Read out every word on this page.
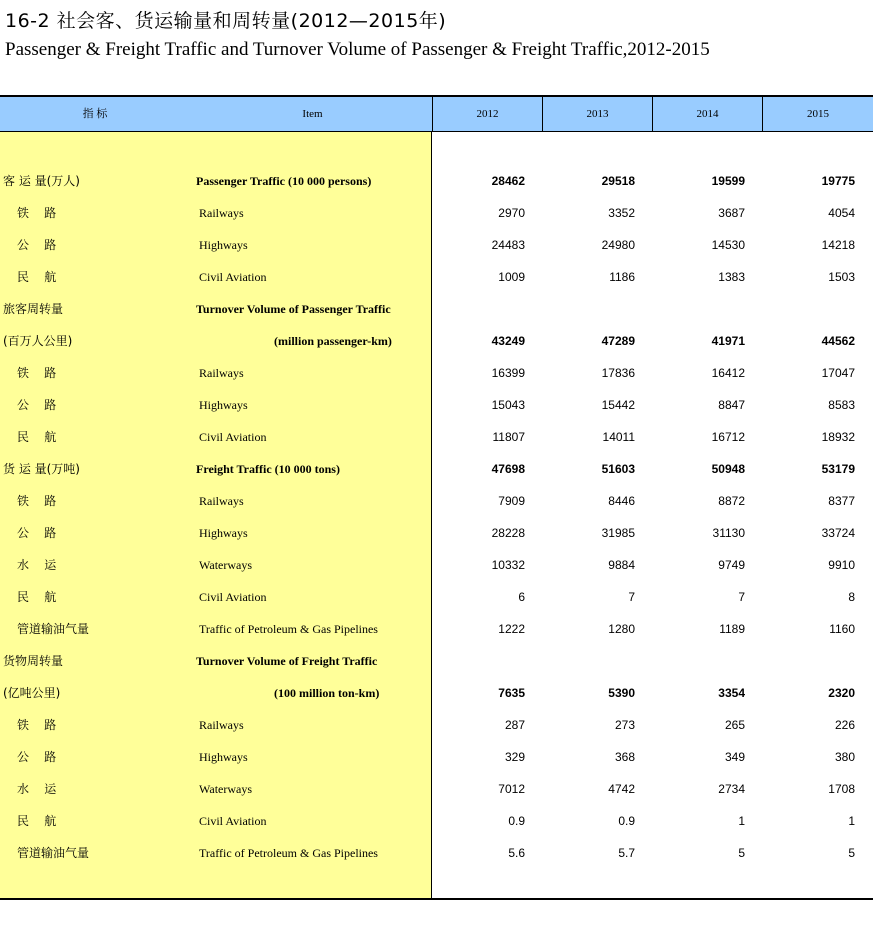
16-2 社会客、货运输量和周转量(2012—2015年)
Passenger & Freight Traffic and Turnover Volume of Passenger & Freight Traffic,2012-2015
指 标	Item	2012	2013	2014	2015
客 运 量(万人)	Passenger Traffic (10 000 persons)	28462	29518	19599	19775
铁    路	Railways	2970	3352	3687	4054
公    路	Highways	24483	24980	14530	14218
民    航	Civil Aviation	1009	1186	1383	1503
旅客周转量	Turnover Volume of Passenger Traffic
(百万人公里)	(million passenger-km)	43249	47289	41971	44562
铁    路	Railways	16399	17836	16412	17047
公    路	Highways	15043	15442	8847	8583
民    航	Civil Aviation	11807	14011	16712	18932
货 运 量(万吨)	Freight Traffic (10 000 tons)	47698	51603	50948	53179
铁    路	Railways	7909	8446	8872	8377
公    路	Highways	28228	31985	31130	33724
水    运	Waterways	10332	9884	9749	9910
民    航	Civil Aviation	6	7	7	8
管道输油气量	Traffic of Petroleum & Gas Pipelines	1222	1280	1189	1160
货物周转量	Turnover Volume of Freight Traffic
(亿吨公里)	(100 million ton-km)	7635	5390	3354	2320
铁    路	Railways	287	273	265	226
公    路	Highways	329	368	349	380
水    运	Waterways	7012	4742	2734	1708
民    航	Civil Aviation	0.9	0.9	1	1
管道输油气量	Traffic of Petroleum & Gas Pipelines	5.6	5.7	5	5
